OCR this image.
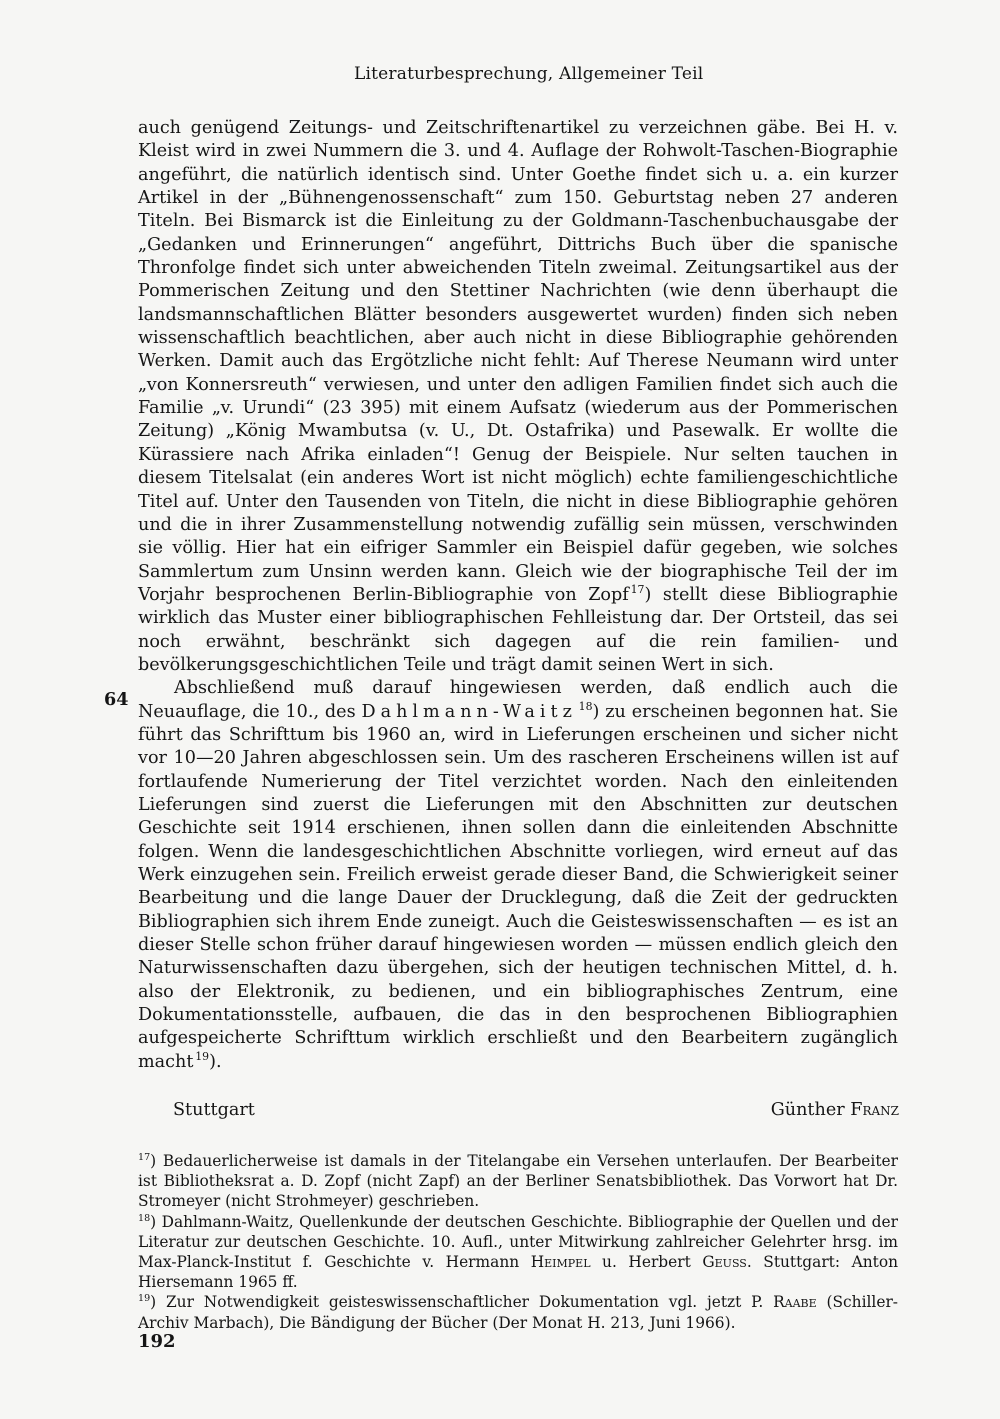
Literaturbesprechung, Allgemeiner Teil
64

auch genügend Zeitungs- und Zeitschriftenartikel zu verzeichnen gäbe. Bei H. v. Kleist wird in zwei Nummern die 3. und 4. Auflage der Rohwolt-Taschen-Biographie angeführt, die natürlich identisch sind. Unter Goethe findet sich u. a. ein kurzer Artikel in der „Bühnengenossenschaft“ zum 150. Geburtstag neben 27 anderen Titeln. Bei Bismarck ist die Einleitung zu der Goldmann-Taschenbuchausgabe der „Gedanken und Erinnerungen“ angeführt, Dittrichs Buch über die spanische Thronfolge findet sich unter abweichenden Titeln zweimal. Zeitungsartikel aus der Pommerischen Zeitung und den Stettiner Nachrichten (wie denn überhaupt die landsmannschaftlichen Blätter besonders ausgewertet wurden) finden sich neben wissenschaftlich beachtlichen, aber auch nicht in diese Bibliographie gehörenden Werken. Damit auch das Ergötzliche nicht fehlt: Auf Therese Neumann wird unter „von Konnersreuth“ verwiesen, und unter den adligen Familien findet sich auch die Familie „v. Urundi“ (23 395) mit einem Aufsatz (wiederum aus der Pommerischen Zeitung) „König Mwambutsa (v. U., Dt. Ostafrika) und Pasewalk. Er wollte die Kürassiere nach Afrika einladen“! Genug der Beispiele. Nur selten tauchen in diesem Titelsalat (ein anderes Wort ist nicht möglich) echte familiengeschichtliche Titel auf. Unter den Tausenden von Titeln, die nicht in diese Bibliographie gehören und die in ihrer Zusammenstellung notwendig zufällig sein müssen, verschwinden sie völlig. Hier hat ein eifriger Sammler ein Beispiel dafür gegeben, wie solches Sammlertum zum Unsinn werden kann. Gleich wie der biographische Teil der im Vorjahr besprochenen Berlin-Bibliographie von Zopf  $^{17}$) stellt diese Bibliographie wirklich das Muster einer bibliographischen Fehlleistung dar. Der Ortsteil, das sei noch erwähnt, beschränkt sich dagegen auf die rein familien- und bevölkerungsgeschichtlichen Teile und trägt damit seinen Wert in sich.

Abschließend muß darauf hingewiesen werden, daß endlich auch die Neuauflage, die 10., des Dahlmann-Waitz  $^{18}$) zu erscheinen begonnen hat. Sie führt das Schrifttum bis 1960 an, wird in Lieferungen erscheinen und sicher nicht vor 10—20 Jahren abgeschlossen sein. Um des rascheren Erscheinens willen ist auf fortlaufende Numerierung der Titel verzichtet worden. Nach den einleitenden Lieferungen sind zuerst die Lieferungen mit den Abschnitten zur deutschen Geschichte seit 1914 erschienen, ihnen sollen dann die einleitenden Abschnitte folgen. Wenn die landesgeschichtlichen Abschnitte vorliegen, wird erneut auf das Werk einzugehen sein. Freilich erweist gerade dieser Band, die Schwierigkeit seiner Bearbeitung und die lange Dauer der Drucklegung, daß die Zeit der gedruckten Bibliographien sich ihrem Ende zuneigt. Auch die Geisteswissenschaften — es ist an dieser Stelle schon früher darauf hingewiesen worden — müssen endlich gleich den Naturwissenschaften dazu übergehen, sich der heutigen technischen Mittel, d. h. also der Elektronik, zu bedienen, und ein bibliographisches Zentrum, eine Dokumentationsstelle, aufbauen, die das in den besprochenen Bibliographien aufgespeicherte Schrifttum wirklich erschließt und den Bearbeitern zugänglich macht  $^{19}$).

Stuttgart	Günther Franz

$^{17}$) Bedauerlicherweise ist damals in der Titelangabe ein Versehen unterlaufen. Der Bearbeiter ist Bibliotheksrat a. D. Zopf (nicht Zapf) an der Berliner Senatsbibliothek. Das Vorwort hat Dr. Stromeyer (nicht Strohmeyer) geschrieben.

$^{18}$) Dahlmann-Waitz, Quellenkunde der deutschen Geschichte. Bibliographie der Quellen und der Literatur zur deutschen Geschichte. 10. Aufl., unter Mitwirkung zahlreicher Gelehrter hrsg. im Max-Planck-Institut f. Geschichte v. Hermann Heimpel u. Herbert Geuss. Stuttgart: Anton Hiersemann 1965 ff.

$^{19}$) Zur Notwendigkeit geisteswissenschaftlicher Dokumentation vgl. jetzt P. Raabe (Schiller-Archiv Marbach), Die Bändigung der Bücher (Der Monat H. 213, Juni 1966).

192
